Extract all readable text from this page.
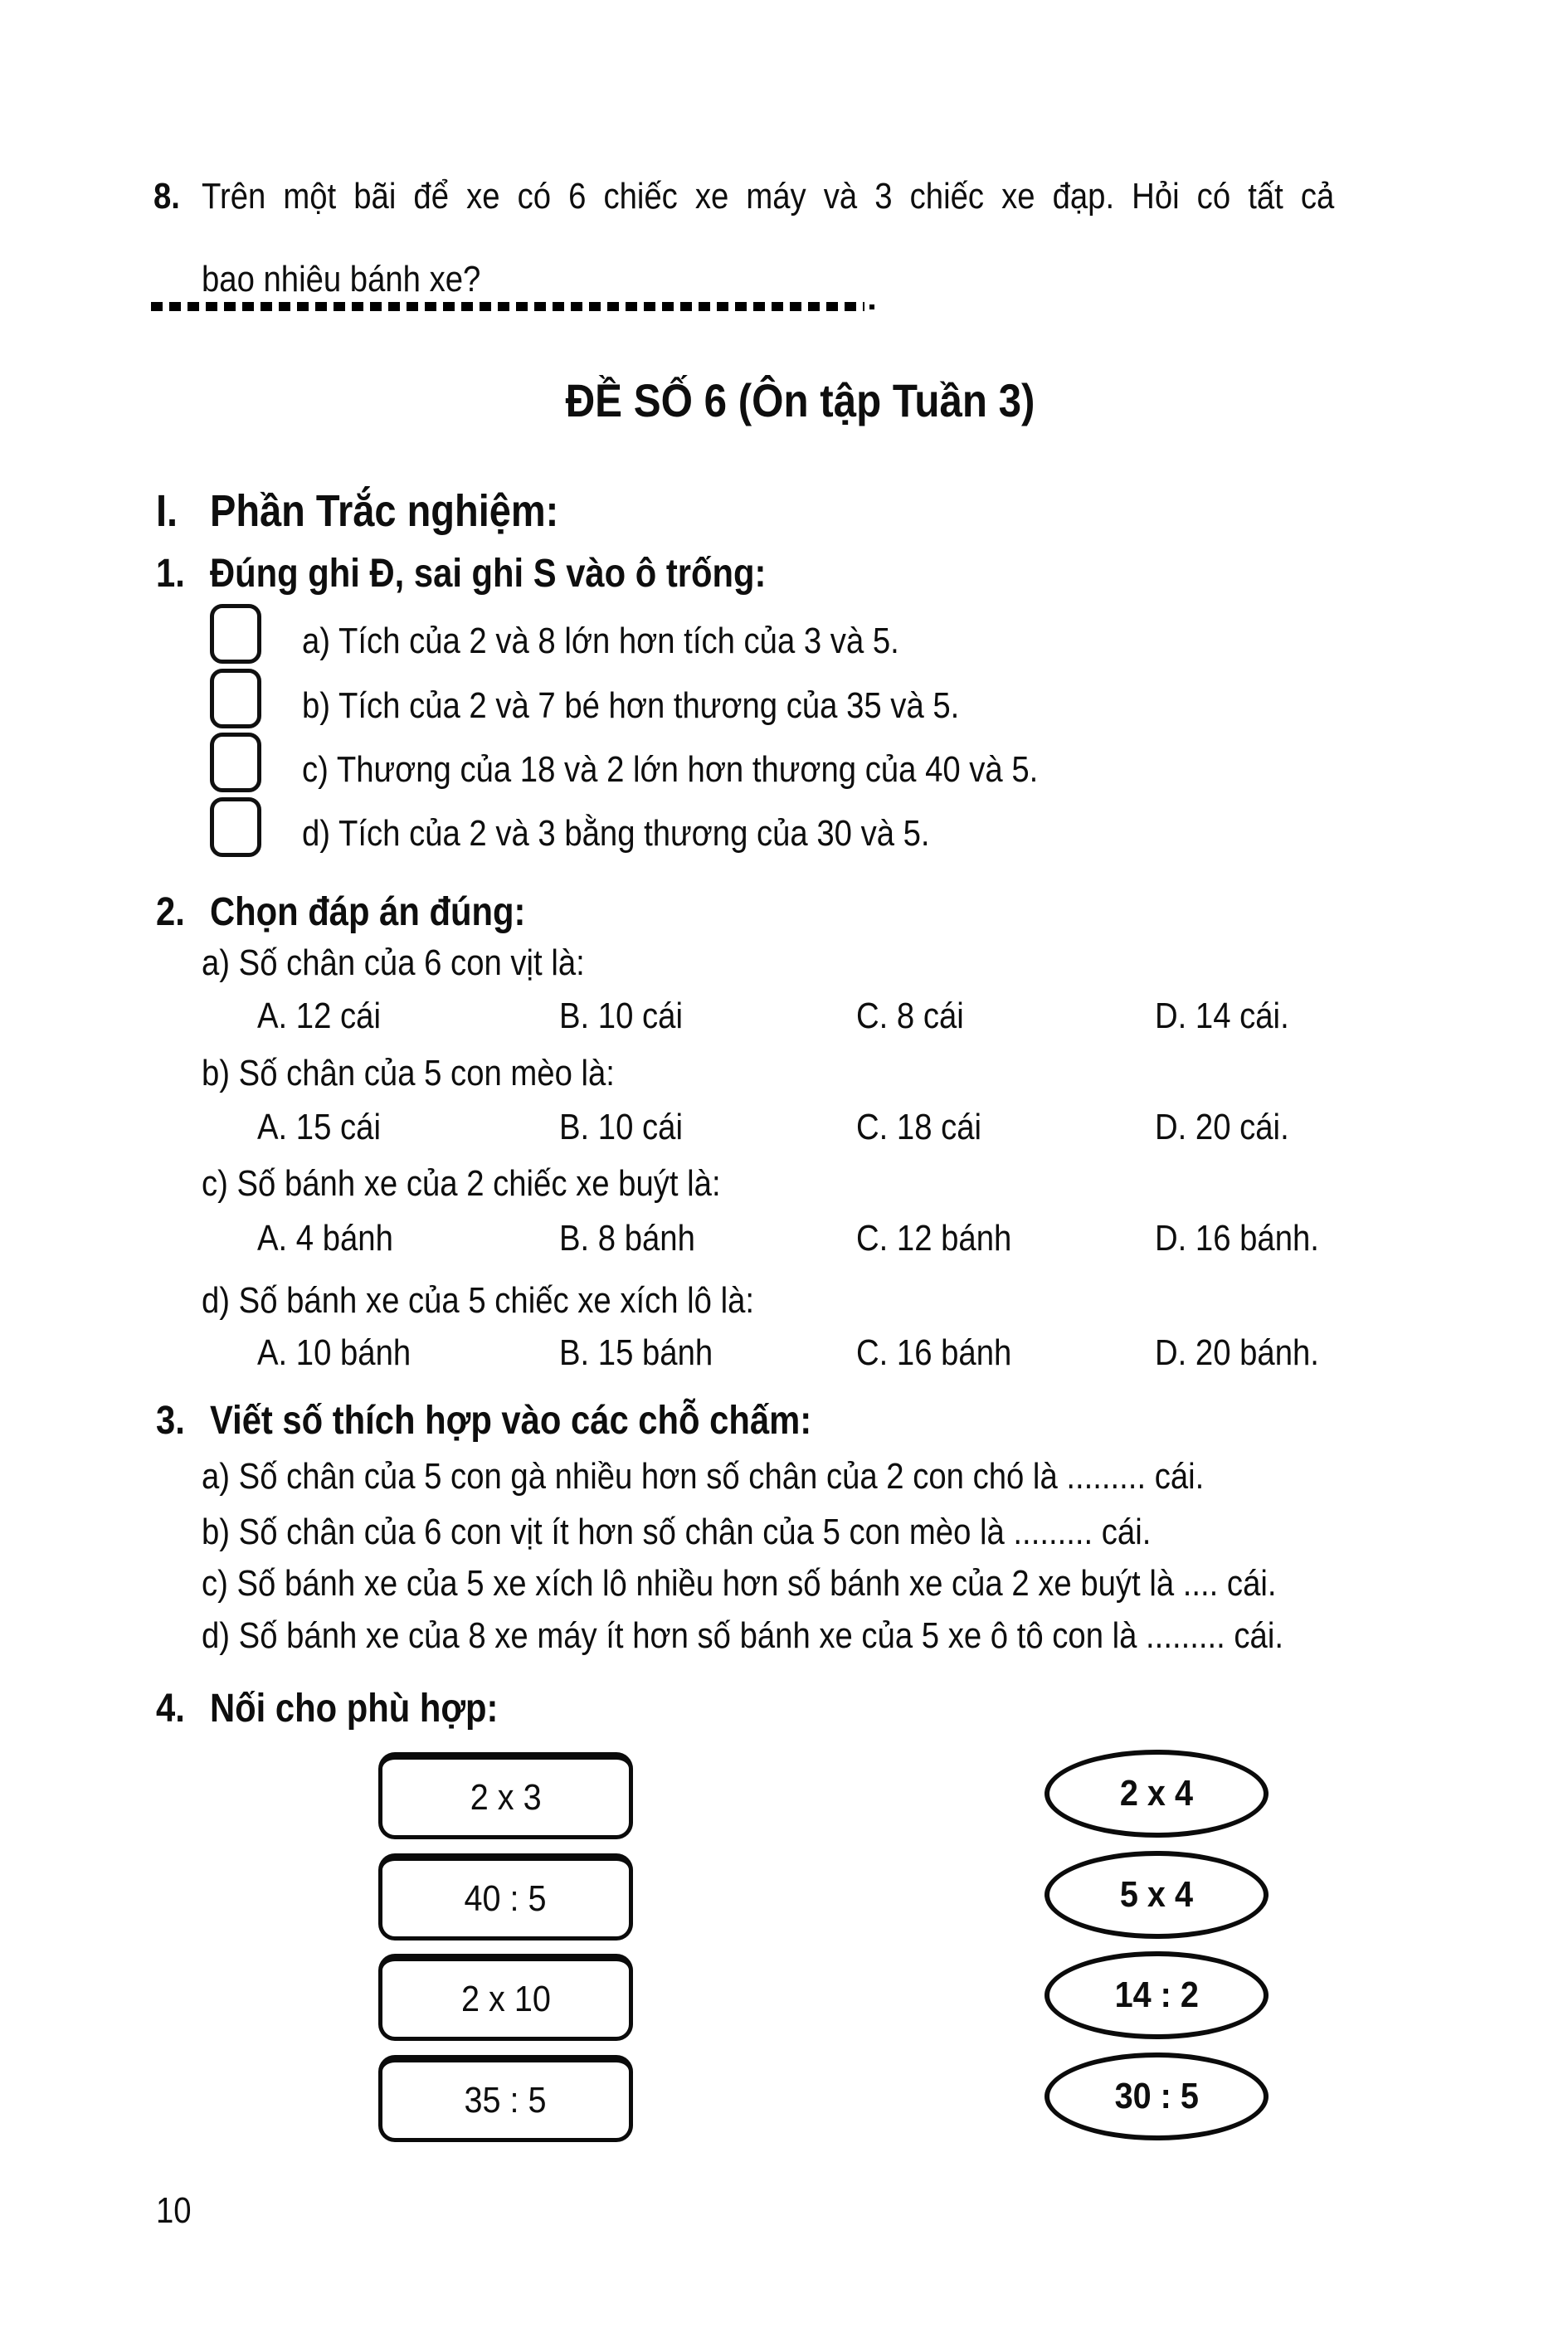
8. Trên một bãi để xe có 6 chiếc xe máy và 3 chiếc xe đạp. Hỏi có tất cả
bao nhiêu bánh xe?
ĐỀ SỐ 6 (Ôn tập Tuần 3)
I. Phần Trắc nghiệm:
1. Đúng ghi Đ, sai ghi S vào ô trống:
a) Tích của 2 và 8 lớn hơn tích của 3 và 5.
b) Tích của 2 và 7 bé hơn thương của 35 và 5.
c) Thương của 18 và 2 lớn hơn thương của 40 và 5.
d) Tích của 2 và 3 bằng thương của 30 và 5.
2. Chọn đáp án đúng:
a) Số chân của 6 con vịt là:
A. 12 cái	B. 10 cái	C. 8 cái	D. 14 cái.
b) Số chân của 5 con mèo là:
A. 15 cái	B. 10 cái	C. 18 cái	D. 20 cái.
c) Số bánh xe của 2 chiếc xe buýt là:
A. 4 bánh	B. 8 bánh	C. 12 bánh	D. 16 bánh.
d) Số bánh xe của 5 chiếc xe xích lô là:
A. 10 bánh	B. 15 bánh	C. 16 bánh	D. 20 bánh.
3. Viết số thích hợp vào các chỗ chấm:
a) Số chân của 5 con gà nhiều hơn số chân của 2 con chó là ......... cái.
b) Số chân của 6 con vịt ít hơn số chân của 5 con mèo là ......... cái.
c) Số bánh xe của 5 xe xích lô nhiều hơn số bánh xe của 2 xe buýt là .... cái.
d) Số bánh xe của 8 xe máy ít hơn số bánh xe của 5 xe ô tô con là ......... cái.
4. Nối cho phù hợp:
2 x 3
40 : 5
2 x 10
35 : 5
2 x 4
5 x 4
14 : 2
30 : 5
10
